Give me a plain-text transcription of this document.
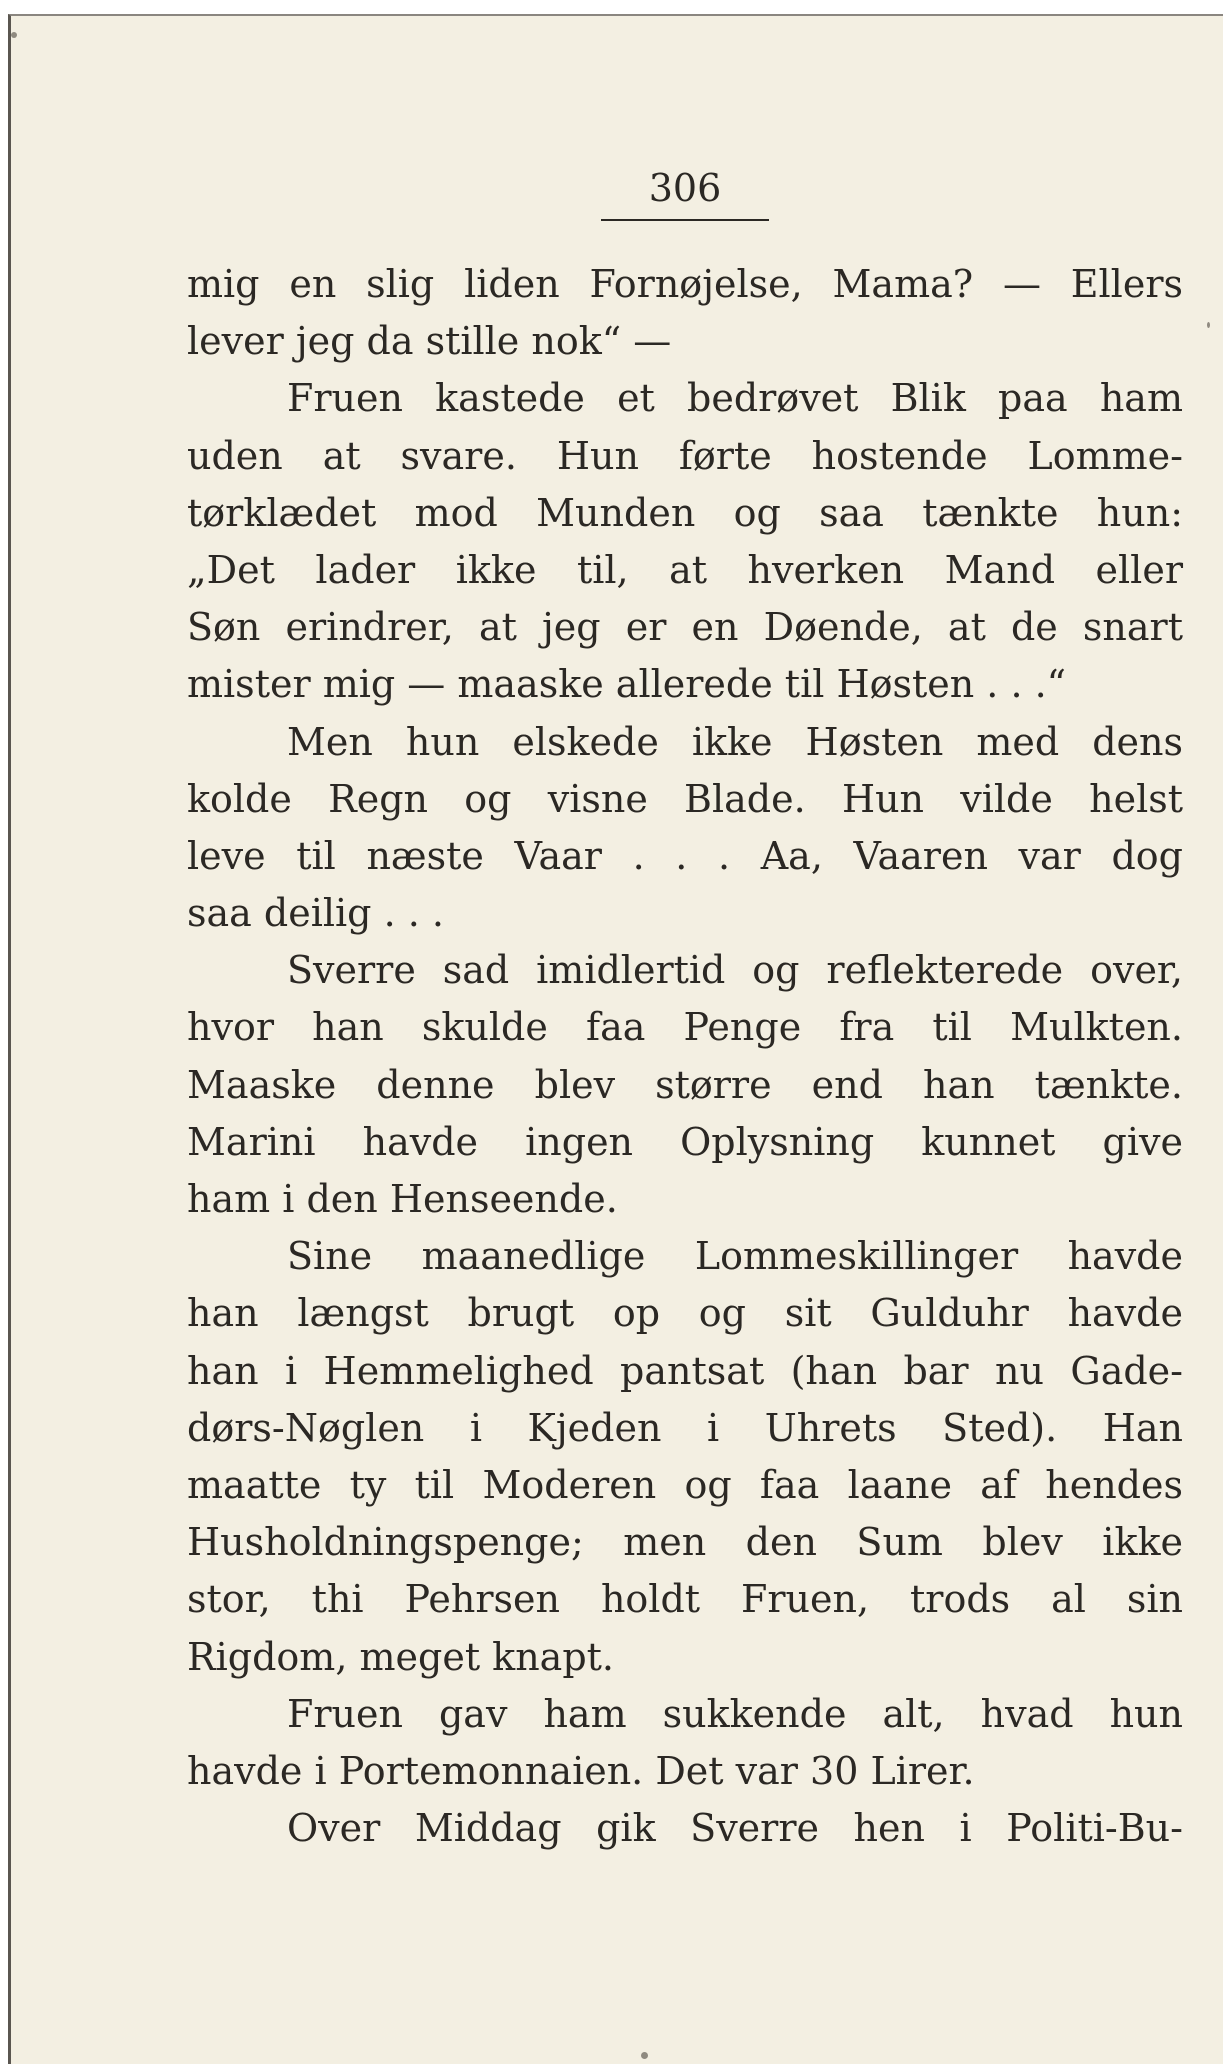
306
mig en slig liden Fornøjelse, Mama? — Ellers
lever jeg da stille nok“ —
Fruen kastede et bedrøvet Blik paa ham
uden at svare. Hun førte hostende Lomme-
tørklædet mod Munden og saa tænkte hun:
„Det lader ikke til, at hverken Mand eller
Søn erindrer, at jeg er en Døende, at de snart
mister mig — maaske allerede til Høsten . . .“
Men hun elskede ikke Høsten med dens
kolde Regn og visne Blade. Hun vilde helst
leve til næste Vaar . . . Aa, Vaaren var dog
saa deilig . . .
Sverre sad imidlertid og reflekterede over,
hvor han skulde faa Penge fra til Mulkten.
Maaske denne blev større end han tænkte.
Marini havde ingen Oplysning kunnet give
ham i den Henseende.
Sine maanedlige Lommeskillinger havde
han længst brugt op og sit Gulduhr havde
han i Hemmelighed pantsat (han bar nu Gade-
dørs-Nøglen i Kjeden i Uhrets Sted). Han
maatte ty til Moderen og faa laane af hendes
Husholdningspenge; men den Sum blev ikke
stor, thi Pehrsen holdt Fruen, trods al sin
Rigdom, meget knapt.
Fruen gav ham sukkende alt, hvad hun
havde i Portemonnaien. Det var 30 Lirer.
Over Middag gik Sverre hen i Politi-Bu-
